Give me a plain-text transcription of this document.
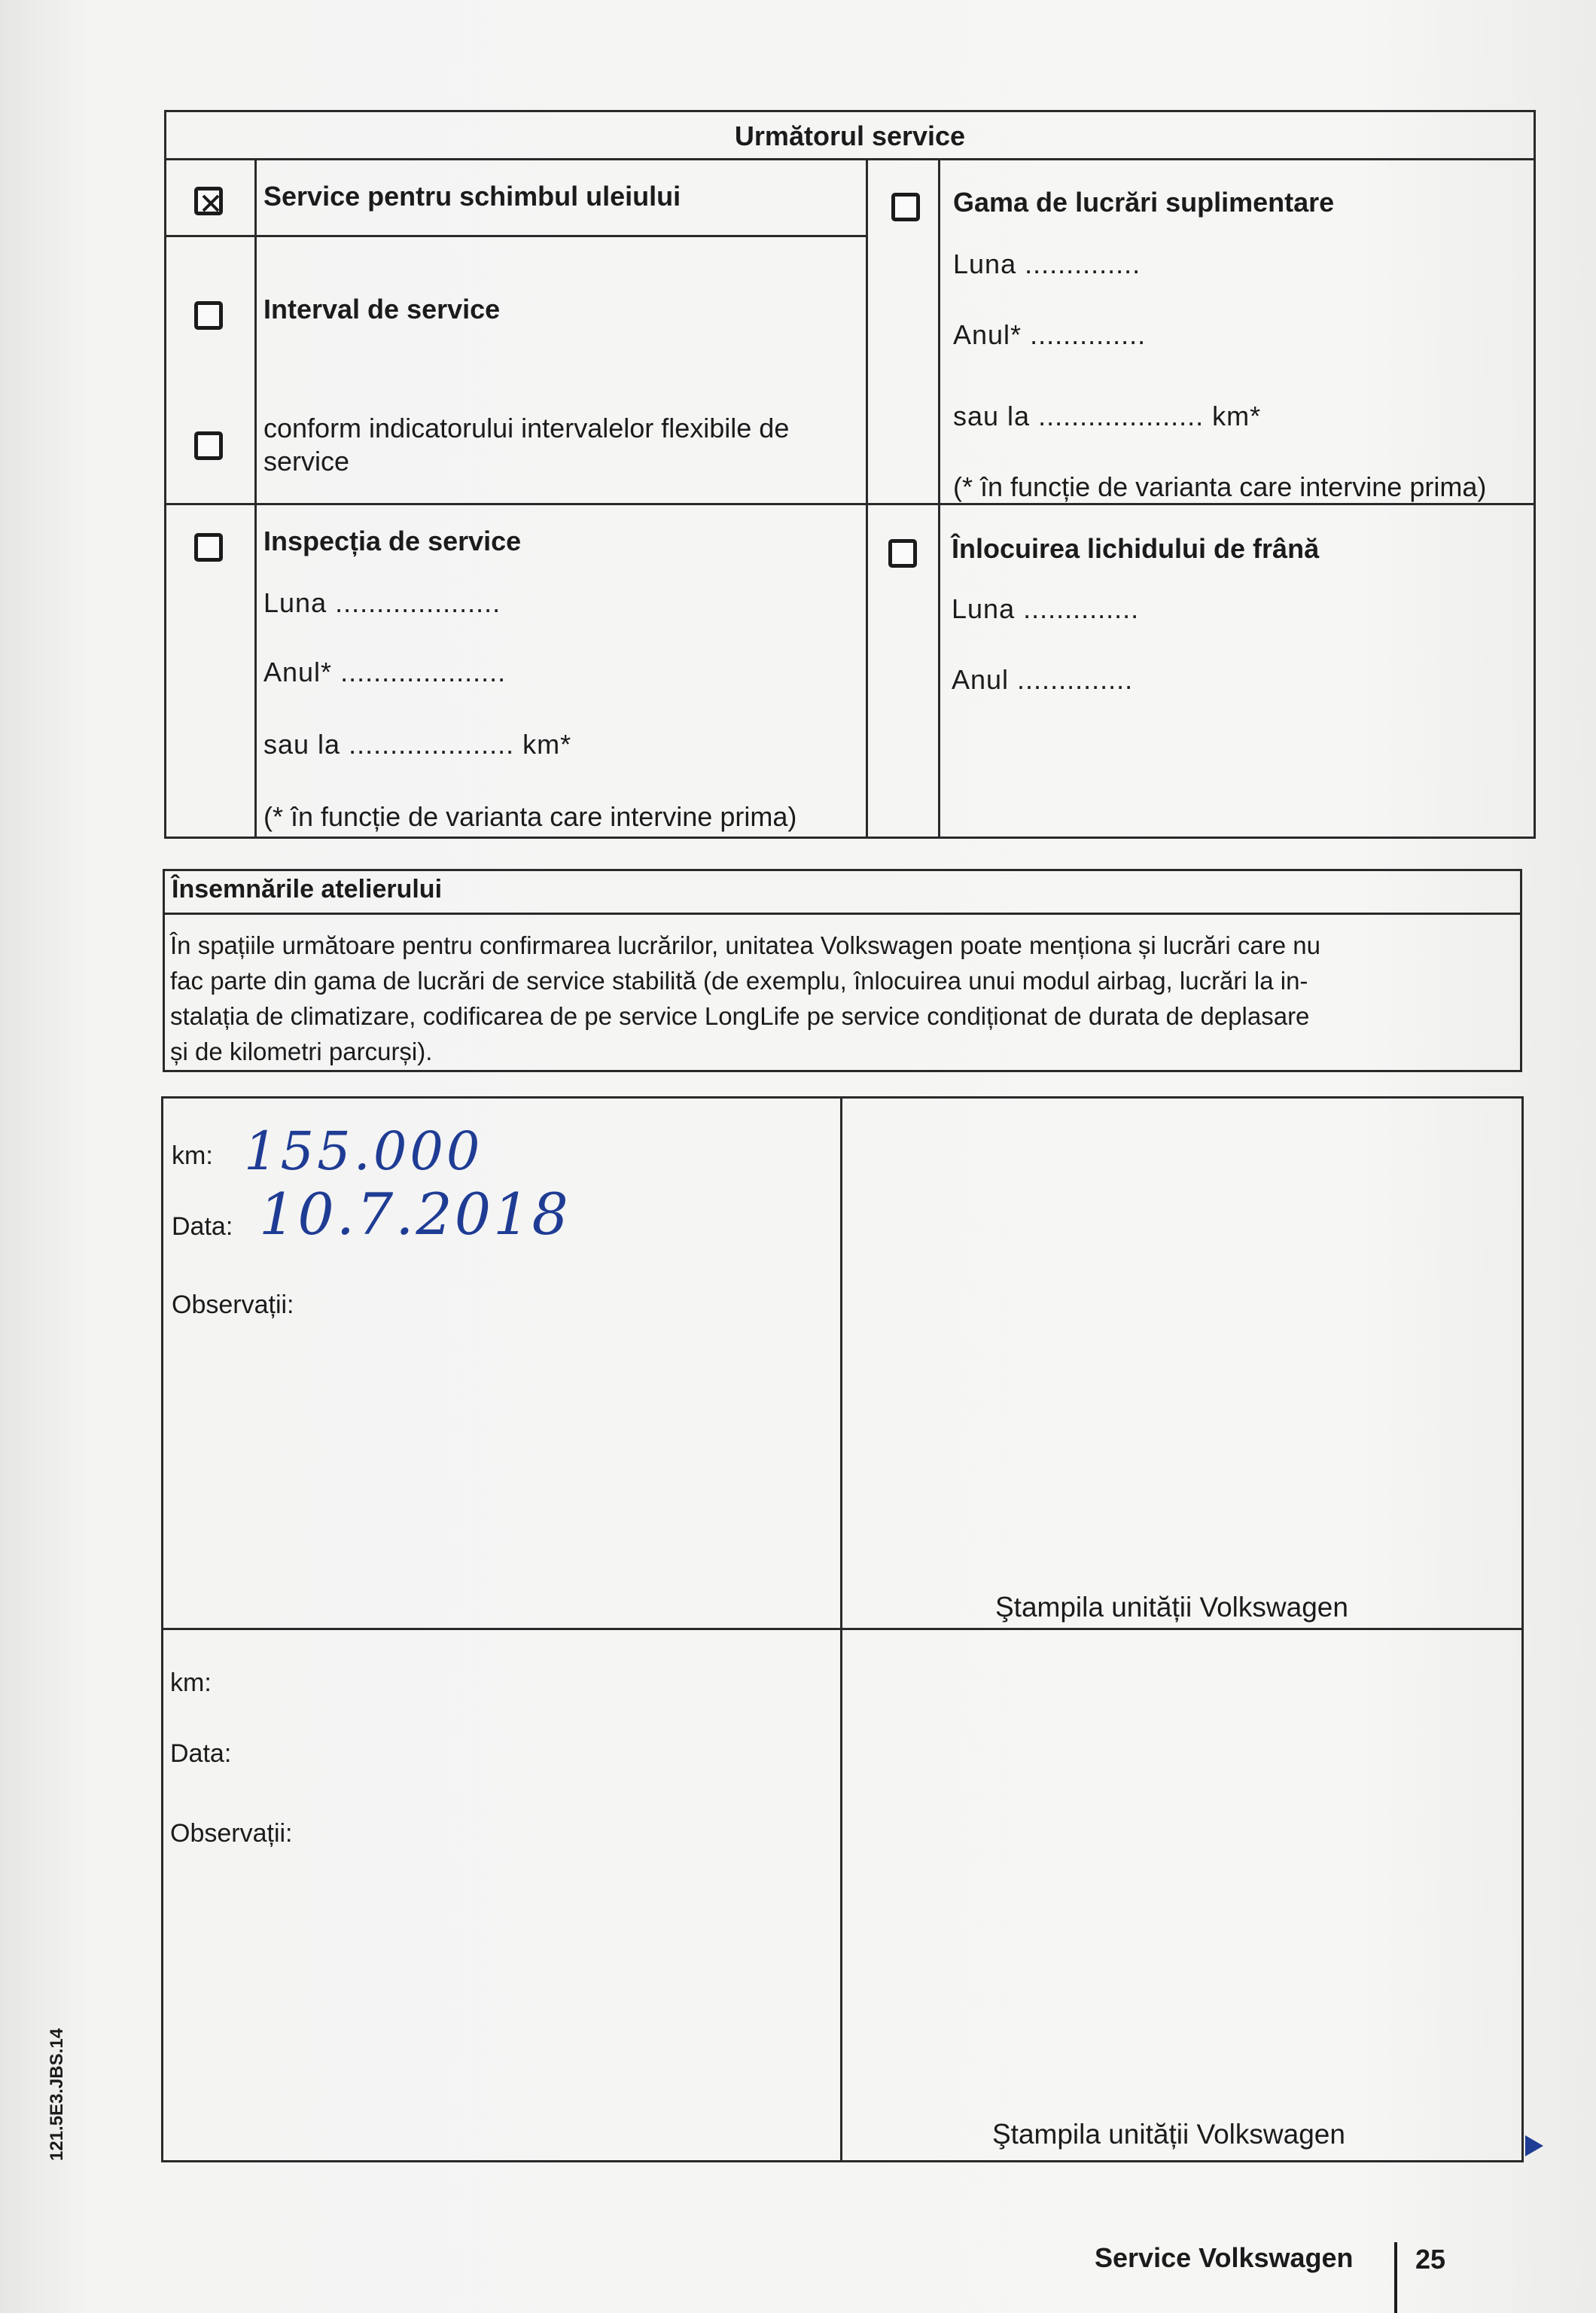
Următorul service
Service pentru schimbul uleiului
Interval de service
conform indicatorului intervalelor flexibile de
service
Inspecția de service
Luna ....................
Anul* ....................
sau la .................... km*
(* în funcție de varianta care intervine prima)
Gama de lucrări suplimentare
Luna ..............
Anul* ..............
sau la .................... km*
(* în funcție de varianta care intervine prima)
Înlocuirea lichidului de frână
Luna ..............
Anul ..............
Însemnările atelierului
În spațiile următoare pentru confirmarea lucrărilor, unitatea Volkswagen poate menționa și lucrări care nu
fac parte din gama de lucrări de service stabilită (de exemplu, înlocuirea unui modul airbag, lucrări la in-
stalația de climatizare, codificarea de pe service LongLife pe service condiționat de durata de deplasare
și de kilometri parcurși).
km: 155.000
Data: 10.7.2018
Observații:
Ştampila unității Volkswagen
km:
Data:
Observații:
Ştampila unității Volkswagen
121.5E3.JBS.14
Service Volkswagen 25
